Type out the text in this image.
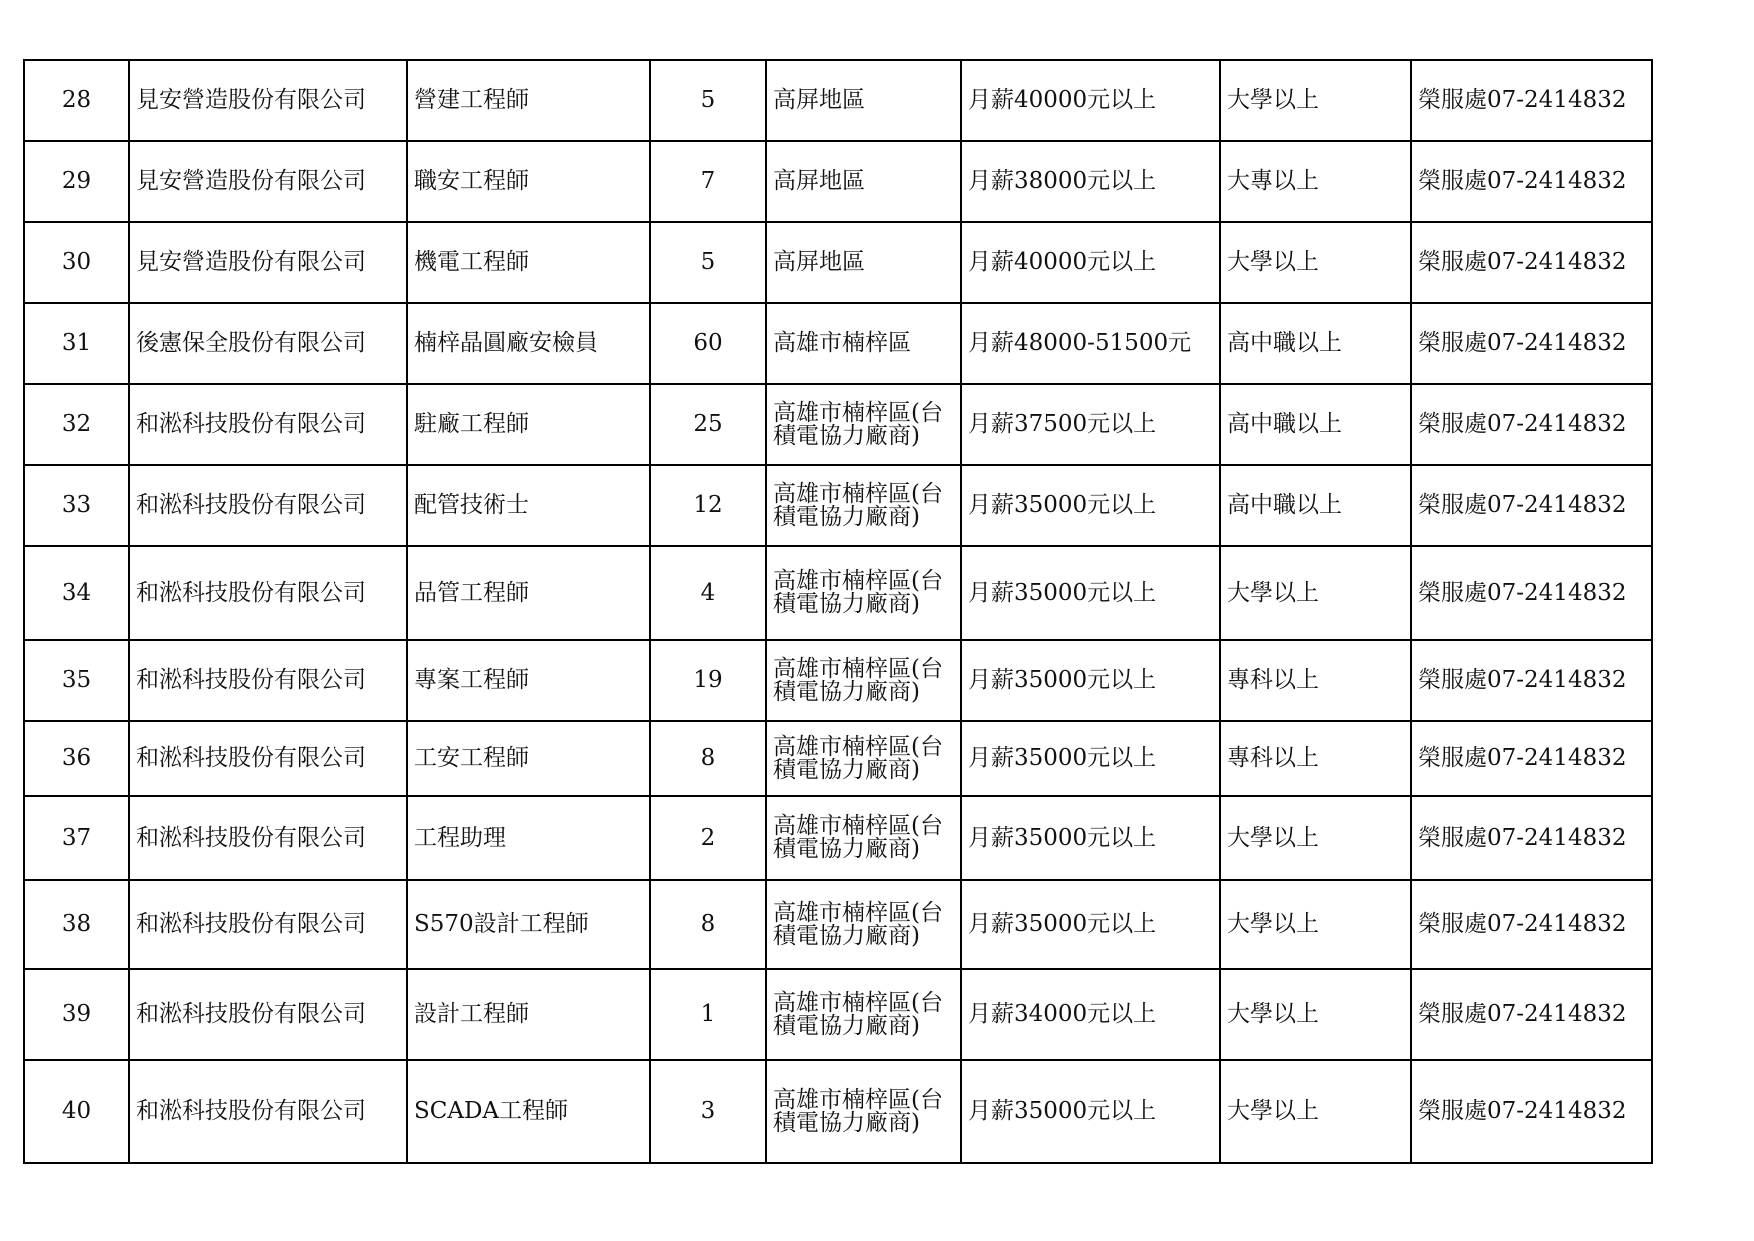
28	見安營造股份有限公司	營建工程師	5	高屏地區	月薪40000元以上	大學以上	榮服處07-2414832
29	見安營造股份有限公司	職安工程師	7	高屏地區	月薪38000元以上	大專以上	榮服處07-2414832
30	見安營造股份有限公司	機電工程師	5	高屏地區	月薪40000元以上	大學以上	榮服處07-2414832
31	後憲保全股份有限公司	楠梓晶圓廠安檢員	60	高雄市楠梓區	月薪48000-51500元	高中職以上	榮服處07-2414832
32	和淞科技股份有限公司	駐廠工程師	25	高雄市楠梓區(台
積電協力廠商)	月薪37500元以上	高中職以上	榮服處07-2414832
33	和淞科技股份有限公司	配管技術士	12	高雄市楠梓區(台
積電協力廠商)	月薪35000元以上	高中職以上	榮服處07-2414832
34	和淞科技股份有限公司	品管工程師	4	高雄市楠梓區(台
積電協力廠商)	月薪35000元以上	大學以上	榮服處07-2414832
35	和淞科技股份有限公司	專案工程師	19	高雄市楠梓區(台
積電協力廠商)	月薪35000元以上	專科以上	榮服處07-2414832
36	和淞科技股份有限公司	工安工程師	8	高雄市楠梓區(台
積電協力廠商)	月薪35000元以上	專科以上	榮服處07-2414832
37	和淞科技股份有限公司	工程助理	2	高雄市楠梓區(台
積電協力廠商)	月薪35000元以上	大學以上	榮服處07-2414832
38	和淞科技股份有限公司	S570設計工程師	8	高雄市楠梓區(台
積電協力廠商)	月薪35000元以上	大學以上	榮服處07-2414832
39	和淞科技股份有限公司	設計工程師	1	高雄市楠梓區(台
積電協力廠商)	月薪34000元以上	大學以上	榮服處07-2414832
40	和淞科技股份有限公司	SCADA工程師	3	高雄市楠梓區(台
積電協力廠商)	月薪35000元以上	大學以上	榮服處07-2414832
